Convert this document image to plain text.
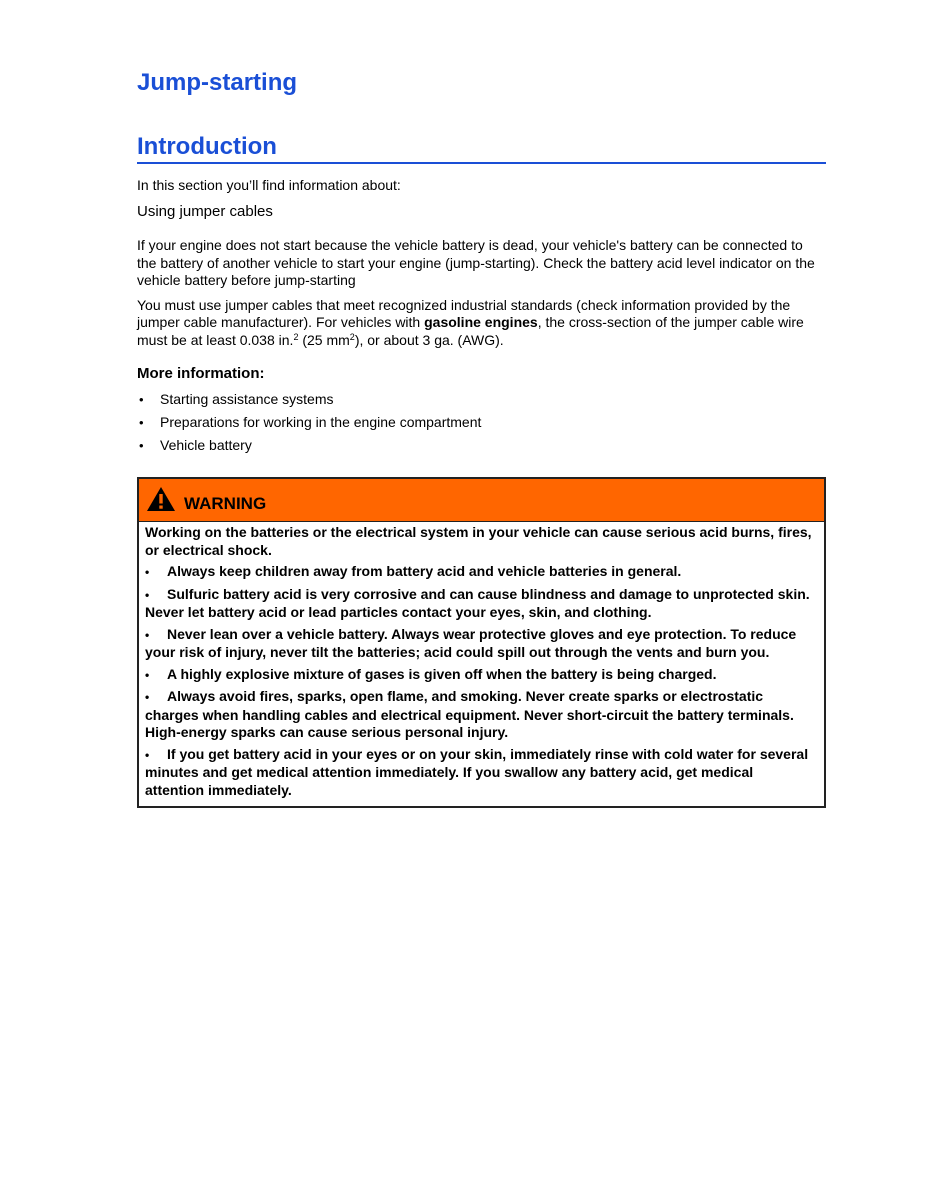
Jump-starting
Introduction

In this section you’ll find information about:

Using jumper cables

If your engine does not start because the vehicle battery is dead, your vehicle's battery can be connected to the battery of another vehicle to start your engine (jump-starting). Check the battery acid level indicator on the vehicle battery before jump-starting

You must use jumper cables that meet recognized industrial standards (check information provided by the jumper cable manufacturer). For vehicles with gasoline engines, the cross-section of the jumper cable wire must be at least 0.038 in.$^2$ (25 $mm^2$), or about 3 ga. (AWG).

More information:

• Starting assistance systems
• Preparations for working in the engine compartment
• Vehicle battery
WARNING

Working on the batteries or the electrical system in your vehicle can cause serious acid burns, fires, or electrical shock.

• Always keep children away from battery acid and vehicle batteries in general.

• Sulfuric battery acid is very corrosive and can cause blindness and damage to unprotected skin. Never let battery acid or lead particles contact your eyes, skin, and clothing.

• Never lean over a vehicle battery. Always wear protective gloves and eye protection. To reduce your risk of injury, never tilt the batteries; acid could spill out through the vents and burn you.

• A highly explosive mixture of gases is given off when the battery is being charged.

• Always avoid fires, sparks, open flame, and smoking. Never create sparks or electrostatic charges when handling cables and electrical equipment. Never short-circuit the battery terminals. High-energy sparks can cause serious personal injury.

• If you get battery acid in your eyes or on your skin, immediately rinse with cold water for several minutes and get medical attention immediately. If you swallow any battery acid, get medical attention immediately.
